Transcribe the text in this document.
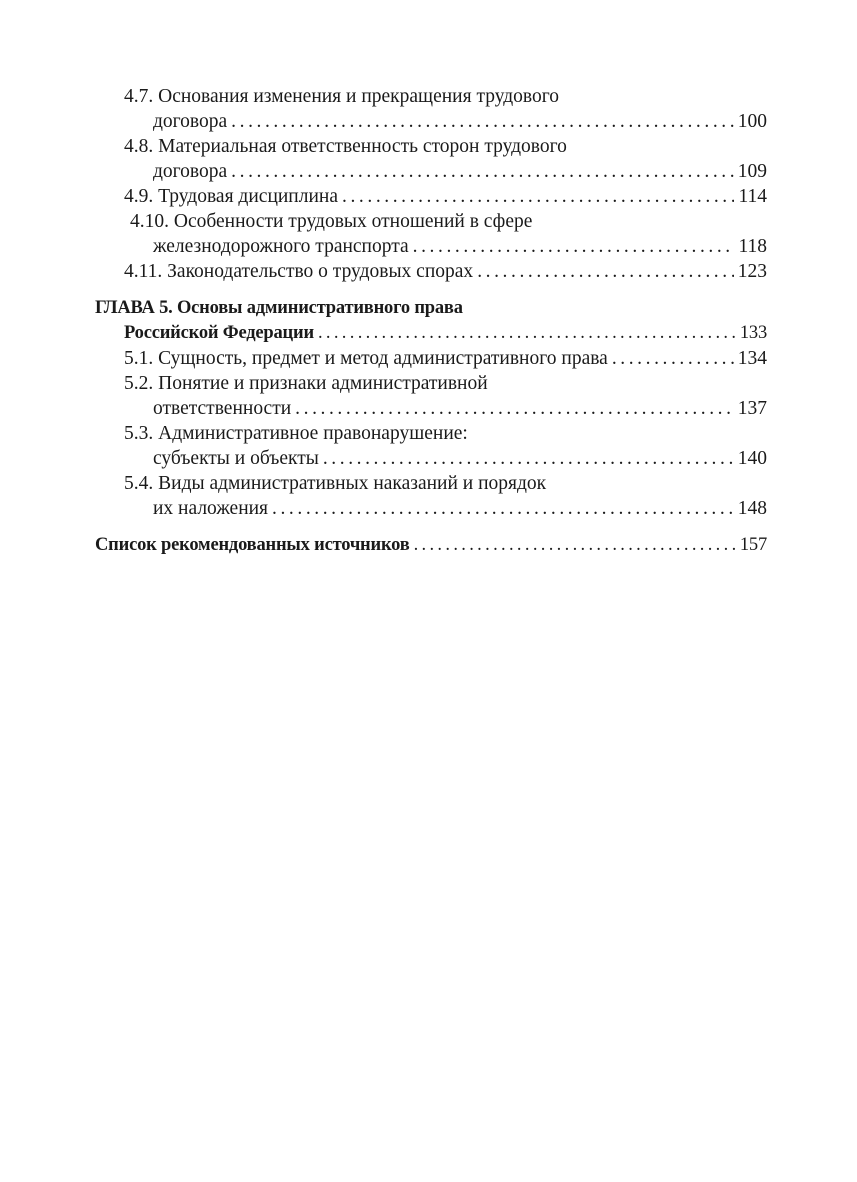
4.7. Основания изменения и прекращения трудового
договора . . .	100
4.8. Материальная ответственность сторон трудового
договора . . .	109
4.9. Трудовая дисциплина . . .	114
4.10. Особенности трудовых отношений в сфере
железнодорожного транспорта . . .	118
4.11. Законодательство о трудовых спорах . . .	123
ГЛАВА 5. Основы административного права
Российской Федерации . . .	133
5.1. Сущность, предмет и метод административного права . . .	134
5.2. Понятие и признаки административной
ответственности . . .	137
5.3. Административное правонарушение:
субъекты и объекты . . .	140
5.4. Виды административных наказаний и порядок
их наложения . . .	148
Список рекомендованных источников . . .	157
